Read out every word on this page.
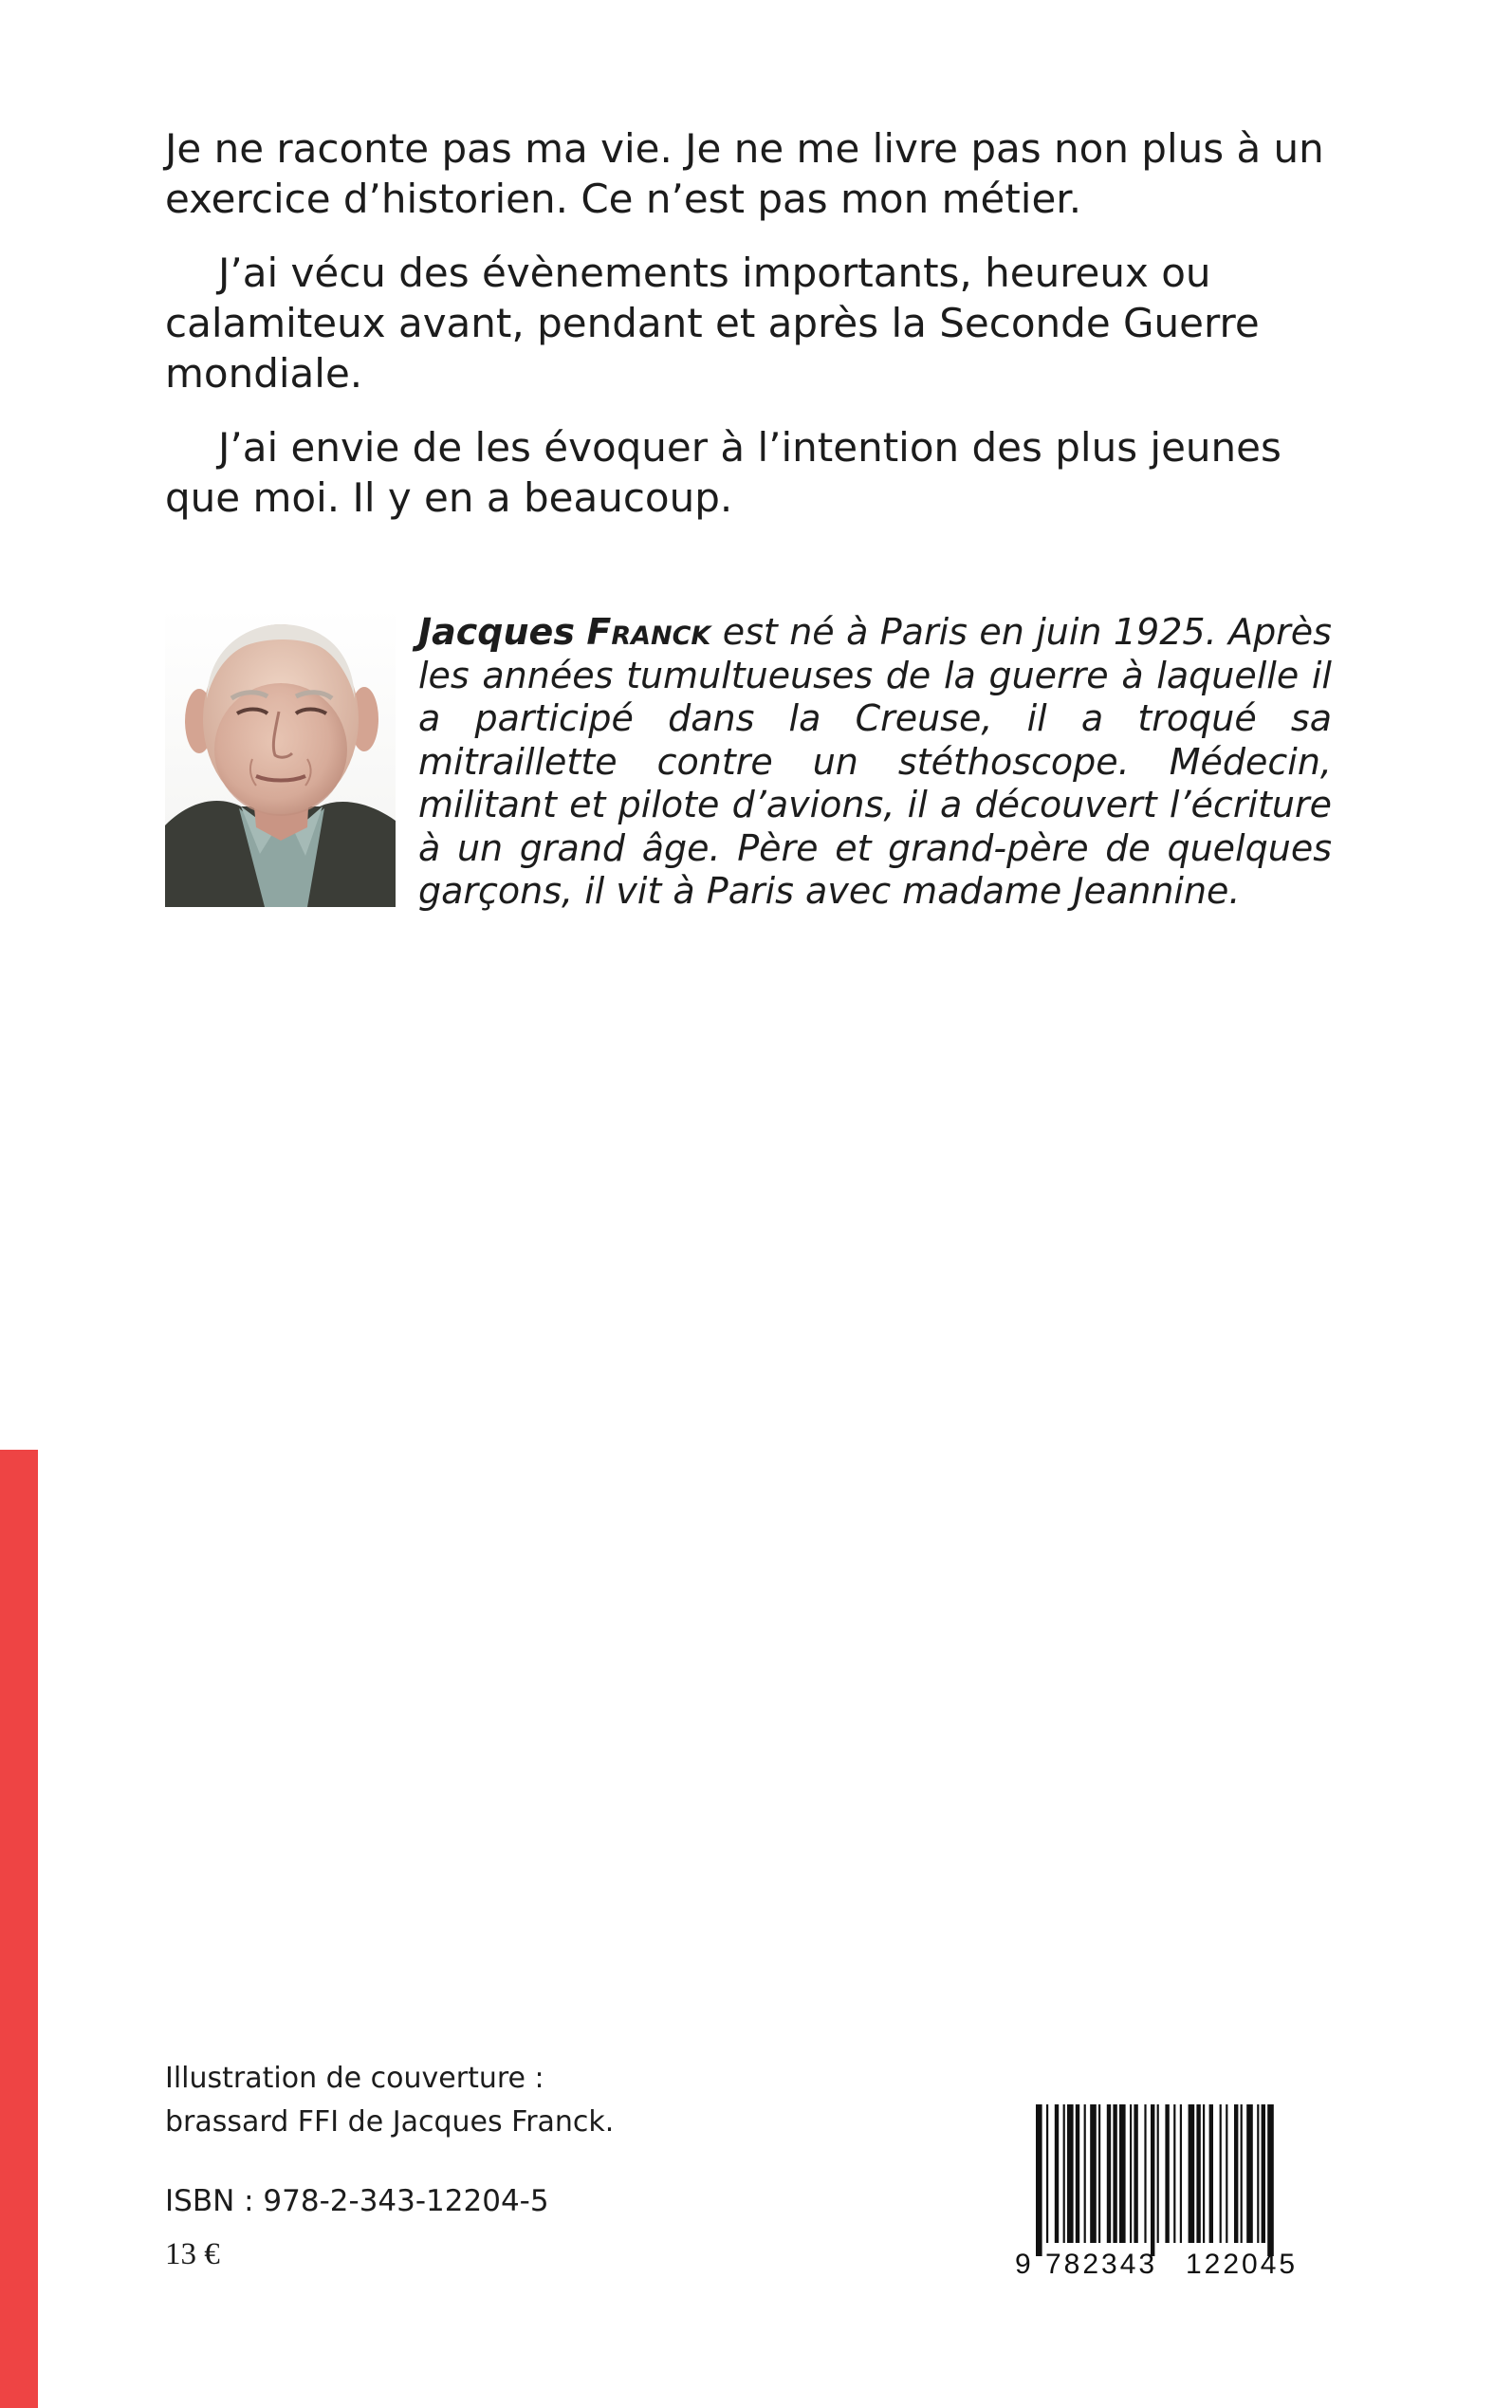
Je ne raconte pas ma vie. Je ne me livre pas non plus à un exercice d’historien. Ce n’est pas mon métier.

J’ai vécu des évènements importants, heureux ou calamiteux avant, pendant et après la Seconde Guerre mondiale.

J’ai envie de les évoquer à l’intention des plus jeunes que moi. Il y en a beaucoup.

Jacques Franck est né à Paris en juin 1925. Après les années tumultueuses de la guerre à laquelle il a participé dans la Creuse, il a troqué sa mitraillette contre un stéthoscope. Médecin, militant et pilote d’avions, il a découvert l’écriture à un grand âge. Père et grand-père de quelques garçons, il vit à Paris avec madame Jeannine.
Illustration de couverture :
brassard FFI de Jacques Franck.
ISBN : 978-2-343-12204-5
13 €	9 782343 122045
